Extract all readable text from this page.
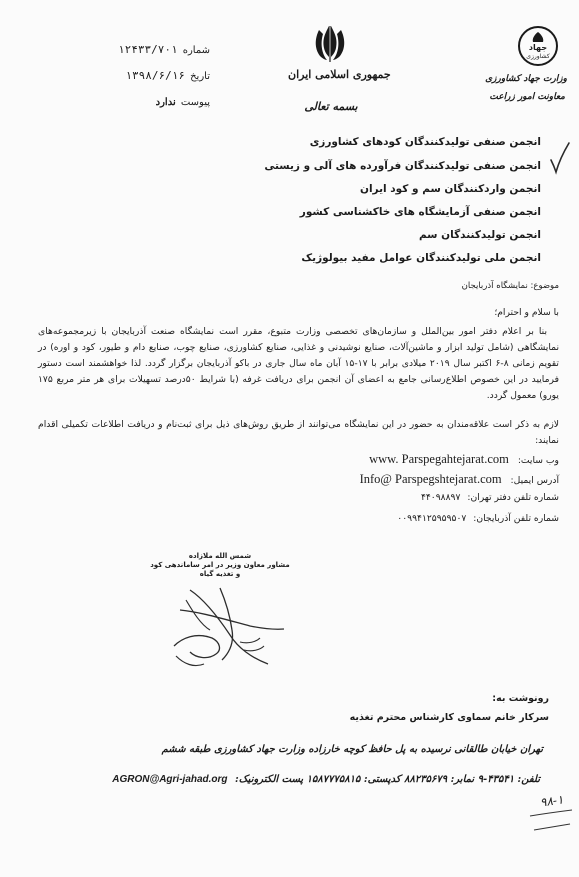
شماره ۱۲۴۳۳/۷۰۱
تاریخ ۱۳۹۸/۶/۱۶
پیوست ندارد
جمهوری اسلامی ایران
بسمه تعالی
جهاد
کشاورزی
وزارت جهاد کشاورزی
معاونت امور زراعت
انجمن صنفی تولیدکنندگان کودهای کشاورزی
انجمن صنفی تولیدکنندگان فرآورده های آلی و زیستی
انجمن واردکنندگان سم و کود ایران
انجمن صنفی آزمایشگاه های خاکشناسی کشور
انجمن تولیدکنندگان سم
انجمن ملی تولیدکنندگان عوامل مفید بیولوژیک
موضوع: نمایشگاه آذربایجان
با سلام و احترام؛
بنا بر اعلام دفتر امور بین‌الملل و سازمان‌های تخصصی وزارت متبوع، مقرر است نمایشگاه صنعت آذربایجان با زیرمجموعه‌های نمایشگاهی (شامل تولید ابزار و ماشین‌آلات، صنایع نوشیدنی و غذایی، صنایع کشاورزی، صنایع چوب، صنایع دام و طیور، کود و اوره) در تقویم زمانی ۸-۶ اکتبر سال ۲۰۱۹ میلادی برابر با ۱۷-۱۵ آبان ماه سال جاری در باکو آذربایجان برگزار گردد. لذا خواهشمند است دستور فرمایید در این خصوص اطلاع‌رسانی جامع به اعضای آن انجمن برای دریافت غرفه (با شرایط ۵۰درصد تسهیلات برای هر متر مربع ۱۷۵ یورو) معمول گردد.
لازم به ذکر است علاقه‌مندان به حضور در این نمایشگاه می‌توانند از طریق روش‌های ذیل برای ثبت‌نام و دریافت اطلاعات تکمیلی اقدام نمایند:
وب سایت: www. Parspegahtejarat.com
آدرس ایمیل: Info@ Parspegshtejarat.com
شماره تلفن دفتر تهران: ۴۴۰۹۸۸۹۷
شماره تلفن آذربایجان: ۰۰۹۹۴۱۲۵۹۵۹۵۰۷
شمس الله ملازاده
مشاور معاون وزیر در امر ساماندهی کود
و تغذیه گیاه
رونوشت به:
سرکار خانم سماوی کارشناس محترم تغذیه
تهران خیابان طالقانی نرسیده به پل حافظ کوچه خارزاده وزارت جهاد کشاورزی طبقه ششم
تلفن: ۴۳۵۴۱-۹ نمابر: ۸۸۲۳۵۶۷۹ کدپستی: ۱۵۸۷۷۷۵۸۱۵ پست الکترونیک: AGRON@Agri-jahad.org
۹۸-۱
